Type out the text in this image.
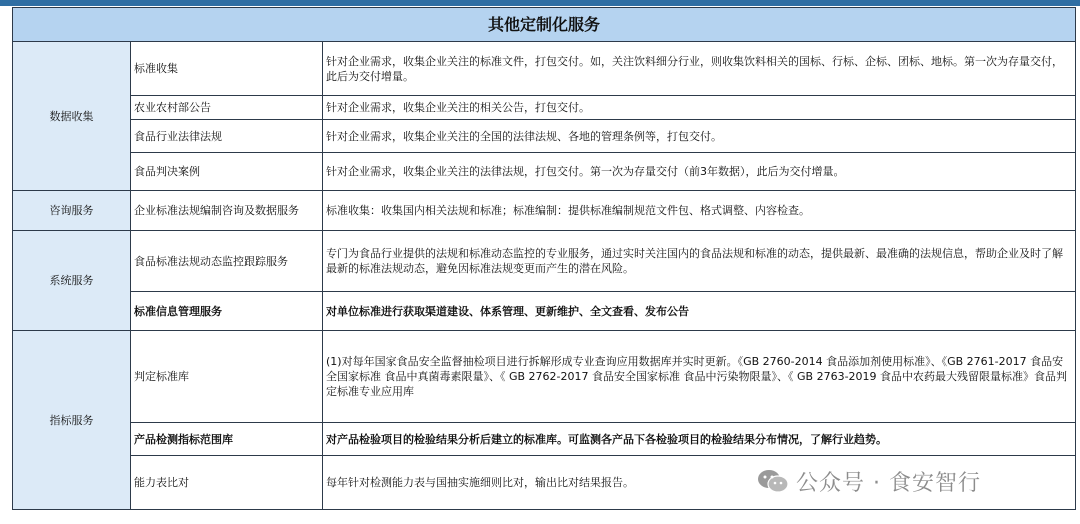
其他定制化服务		
数据收集	标准收集	针对企业需求，收集企业关注的标准文件，打包交付。如，关注饮料细分行业，则收集饮料相关的国标、行标、企标、团标、地标。第一次为存量交付，此后为交付增量。
	农业农村部公告	针对企业需求，收集企业关注的相关公告，打包交付。
	食品行业法律法规	针对企业需求，收集企业关注的全国的法律法规、各地的管理条例等，打包交付。
	食品判决案例	针对企业需求，收集企业关注的法律法规，打包交付。第一次为存量交付（前3年数据），此后为交付增量。
咨询服务	企业标准法规编制咨询及数据服务	标准收集：收集国内相关法规和标准；标准编制：提供标准编制规范文件包、格式调整、内容检查。
系统服务	食品标准法规动态监控跟踪服务	专门为食品行业提供的法规和标准动态监控的专业服务，通过实时关注国内的食品法规和标准的动态，提供最新、最准确的法规信息，帮助企业及时了解最新的标准法规动态，避免因标准法规变更而产生的潜在风险。
	标准信息管理服务	对单位标准进行获取渠道建设、体系管理、更新维护、全文查看、发布公告
指标服务	判定标准库	(1)对每年国家食品安全监督抽检项目进行拆解形成专业查询应用数据库并实时更新。《GB 2760-2014 食品添加剂使用标准》、《GB 2761-2017 食品安全国家标准 食品中真菌毒素限量》、《 GB 2762-2017 食品安全国家标准 食品中污染物限量》、《 GB 2763-2019 食品中农药最大残留限量标准》食品判定标准专业应用库
	产品检测指标范围库	对产品检验项目的检验结果分析后建立的标准库。可监测各产品下各检验项目的检验结果分布情况，了解行业趋势。
	能力表比对	每年针对检测能力表与国抽实施细则比对，输出比对结果报告。	公众号 · 食安智行
